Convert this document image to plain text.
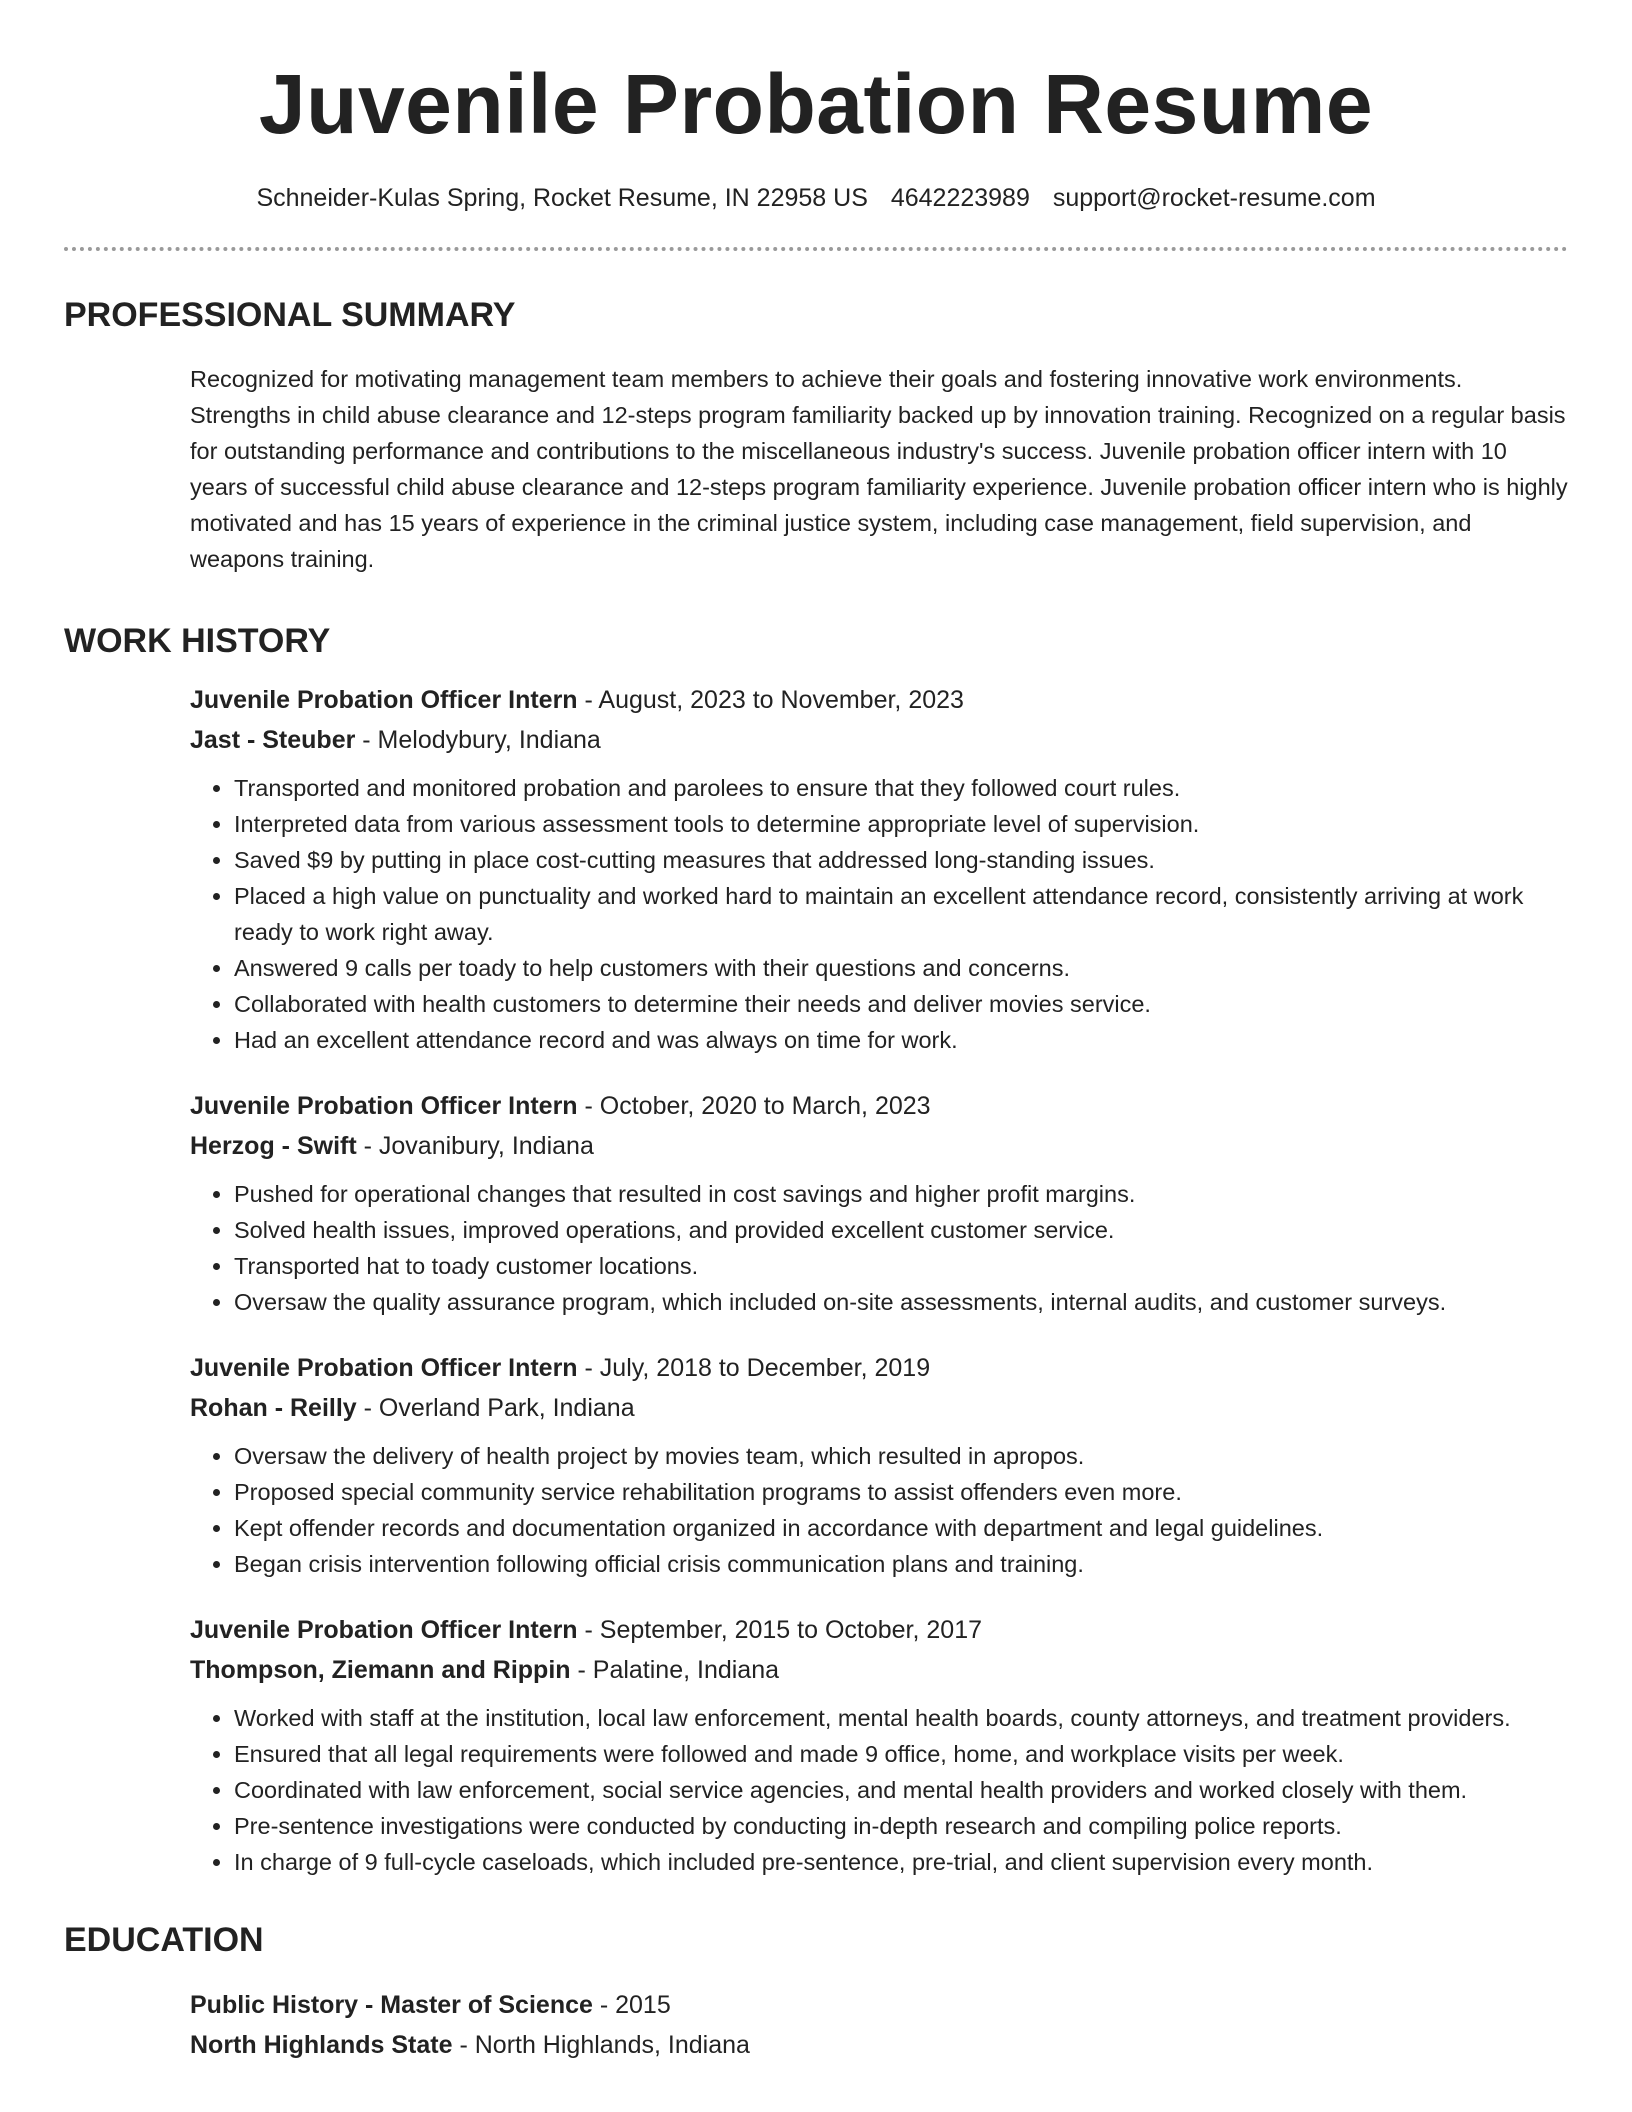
Juvenile Probation Resume
Schneider-Kulas Spring, Rocket Resume, IN 22958 US 4642223989 support@rocket-resume.com
PROFESSIONAL SUMMARY

Recognized for motivating management team members to achieve their goals and fostering innovative work environments. Strengths in child abuse clearance and 12-steps program familiarity backed up by innovation training. Recognized on a regular basis for outstanding performance and contributions to the miscellaneous industry's success. Juvenile probation officer intern with 10 years of successful child abuse clearance and 12-steps program familiarity experience. Juvenile probation officer intern who is highly motivated and has 15 years of experience in the criminal justice system, including case management, field supervision, and weapons training.

WORK HISTORY
Juvenile Probation Officer Intern - August, 2023 to November, 2023
Jast - Steuber - Melodybury, Indiana
• Transported and monitored probation and parolees to ensure that they followed court rules.
• Interpreted data from various assessment tools to determine appropriate level of supervision.
• Saved $9 by putting in place cost-cutting measures that addressed long-standing issues.
• Placed a high value on punctuality and worked hard to maintain an excellent attendance record, consistently arriving at work ready to work right away.
• Answered 9 calls per toady to help customers with their questions and concerns.
• Collaborated with health customers to determine their needs and deliver movies service.
• Had an excellent attendance record and was always on time for work.
Juvenile Probation Officer Intern - October, 2020 to March, 2023
Herzog - Swift - Jovanibury, Indiana
• Pushed for operational changes that resulted in cost savings and higher profit margins.
• Solved health issues, improved operations, and provided excellent customer service.
• Transported hat to toady customer locations.
• Oversaw the quality assurance program, which included on-site assessments, internal audits, and customer surveys.
Juvenile Probation Officer Intern - July, 2018 to December, 2019
Rohan - Reilly - Overland Park, Indiana
• Oversaw the delivery of health project by movies team, which resulted in apropos.
• Proposed special community service rehabilitation programs to assist offenders even more.
• Kept offender records and documentation organized in accordance with department and legal guidelines.
• Began crisis intervention following official crisis communication plans and training.
Juvenile Probation Officer Intern - September, 2015 to October, 2017
Thompson, Ziemann and Rippin - Palatine, Indiana
• Worked with staff at the institution, local law enforcement, mental health boards, county attorneys, and treatment providers.
• Ensured that all legal requirements were followed and made 9 office, home, and workplace visits per week.
• Coordinated with law enforcement, social service agencies, and mental health providers and worked closely with them.
• Pre-sentence investigations were conducted by conducting in-depth research and compiling police reports.
• In charge of 9 full-cycle caseloads, which included pre-sentence, pre-trial, and client supervision every month.
EDUCATION
Public History - Master of Science - 2015
North Highlands State - North Highlands, Indiana
